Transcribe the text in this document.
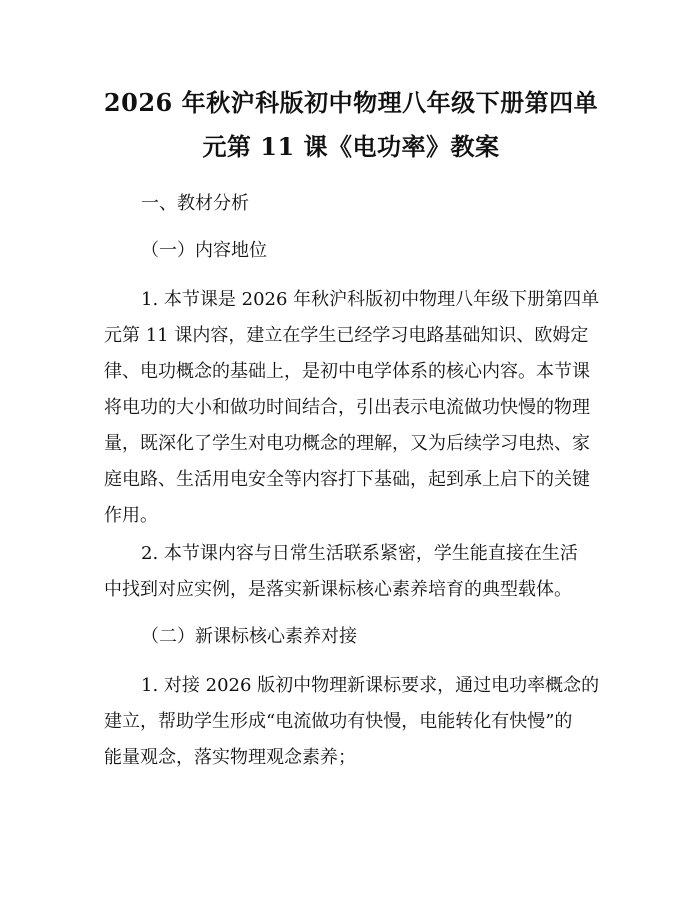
2026 年秋沪科版初中物理八年级下册第四单
元第 11 课《电功率》教案
一、教材分析
（一）内容地位
1. 本节课是 2026 年秋沪科版初中物理八年级下册第四单
元第 11 课内容，建立在学生已经学习电路基础知识、欧姆定
律、电功概念的基础上，是初中电学体系的核心内容。本节课
将电功的大小和做功时间结合，引出表示电流做功快慢的物理
量，既深化了学生对电功概念的理解，又为后续学习电热、家
庭电路、生活用电安全等内容打下基础，起到承上启下的关键
作用。
2. 本节课内容与日常生活联系紧密，学生能直接在生活
中找到对应实例，是落实新课标核心素养培育的典型载体。
（二）新课标核心素养对接
1. 对接 2026 版初中物理新课标要求，通过电功率概念的
建立，帮助学生形成“电流做功有快慢，电能转化有快慢”的
能量观念，落实物理观念素养；
